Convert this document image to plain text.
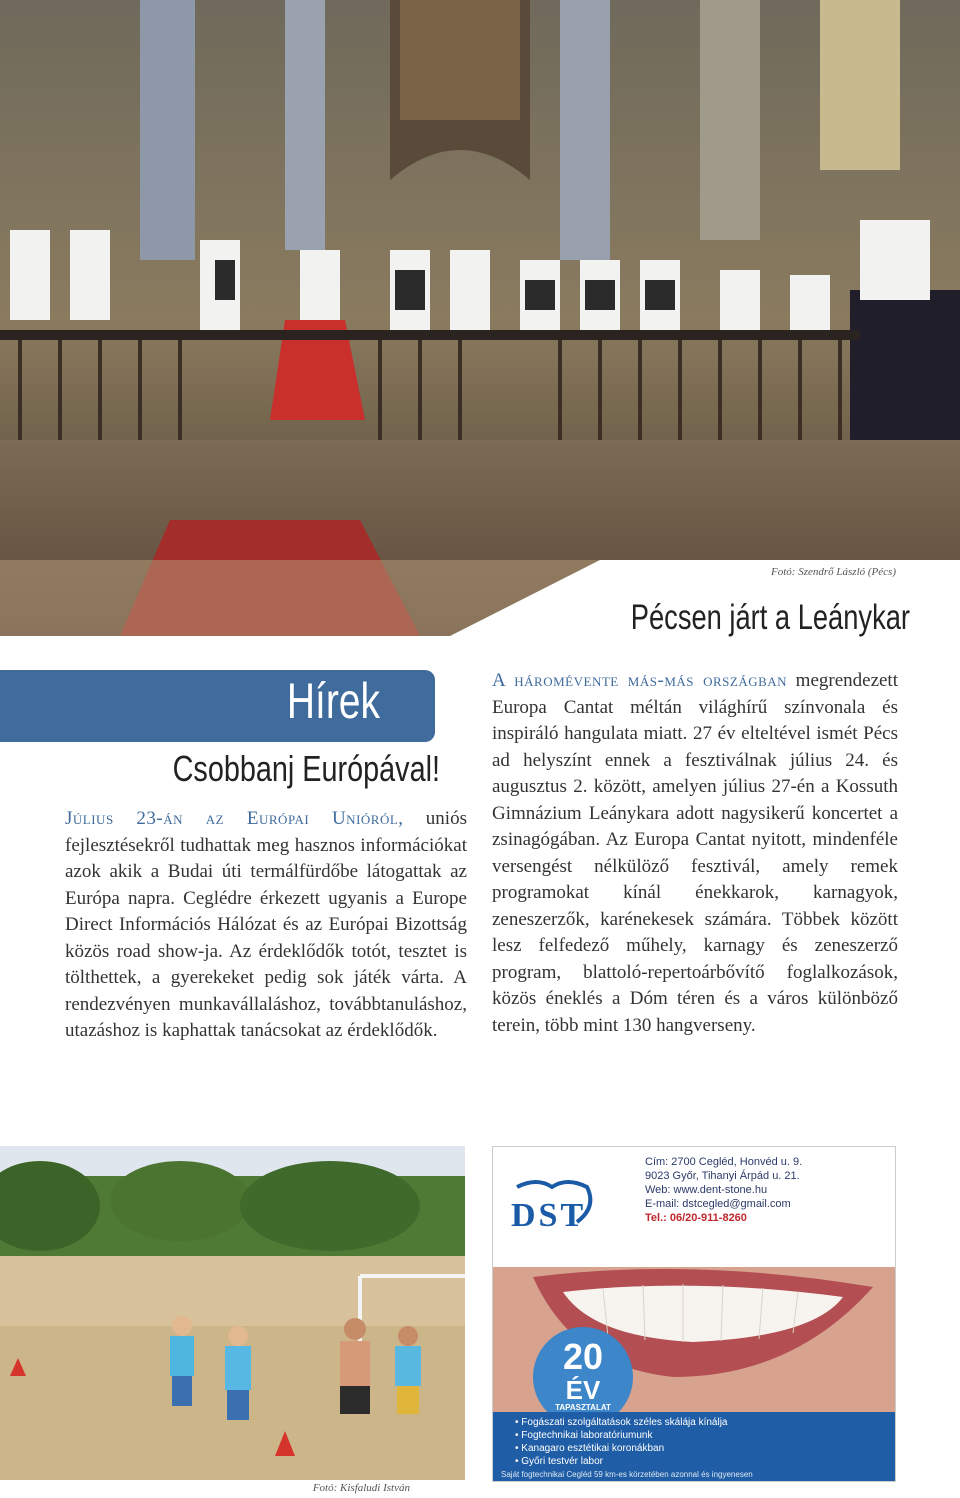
Fotó: Szendrő László (Pécs)
Pécsen járt a Leánykar
Hírek
Csobbanj Európával!
Július 23-án az Európai Unióról, uniós fejlesztésekről tudhattak meg hasznos információkat azok akik a Budai úti termálfürdőbe látogattak az Európa napra. Ceglédre érkezett ugyanis a Europe Direct Információs Hálózat és az Európai Bizottság közös road show-ja. Az érdeklődők totót, tesztet is tölthettek, a gyerekeket pedig sok játék várta. A rendezvényen munkavállaláshoz, továbbtanuláshoz, utazáshoz is kaphattak tanácsokat az érdeklődők.
A háromévente más-más országban megrendezett Europa Cantat méltán világhírű színvonala és inspiráló hangulata miatt. 27 év elteltével ismét Pécs ad helyszínt ennek a fesztiválnak július 24. és augusztus 2. között, amelyen július 27-én a Kossuth Gimnázium Leánykara adott nagysikerű koncertet a zsinagógában. Az Europa Cantat nyitott, mindenféle versengést nélkülöző fesztivál, amely remek programokat kínál énekkarok, karnagyok, zeneszerzők, karénekesek számára. Többek között lesz felfedező műhely, karnagy és zeneszerző program, blattoló-repertoárbővítő foglalkozások, közös éneklés a Dóm téren és a város különböző terein, több mint 130 hangverseny.
Fotó: Kisfaludi István
DST
Cím: 2700 Cegléd, Honvéd u. 9.
9023 Győr, Tihanyi Árpád u. 21.
Web: www.dent-stone.hu
E-mail: dstcegled@gmail.com
Tel.: 06/20-911-8260
20
ÉV
TAPASZTALAT
• Fogászati szolgáltatások széles skálája kínálja
• Fogtechnikai laboratóriumunk
• Kanagaro esztétikai koronákban
• Győri testvér labor
Saját fogtechnikai Cegléd 59 km-es körzetében azonnal és ingyenesen
